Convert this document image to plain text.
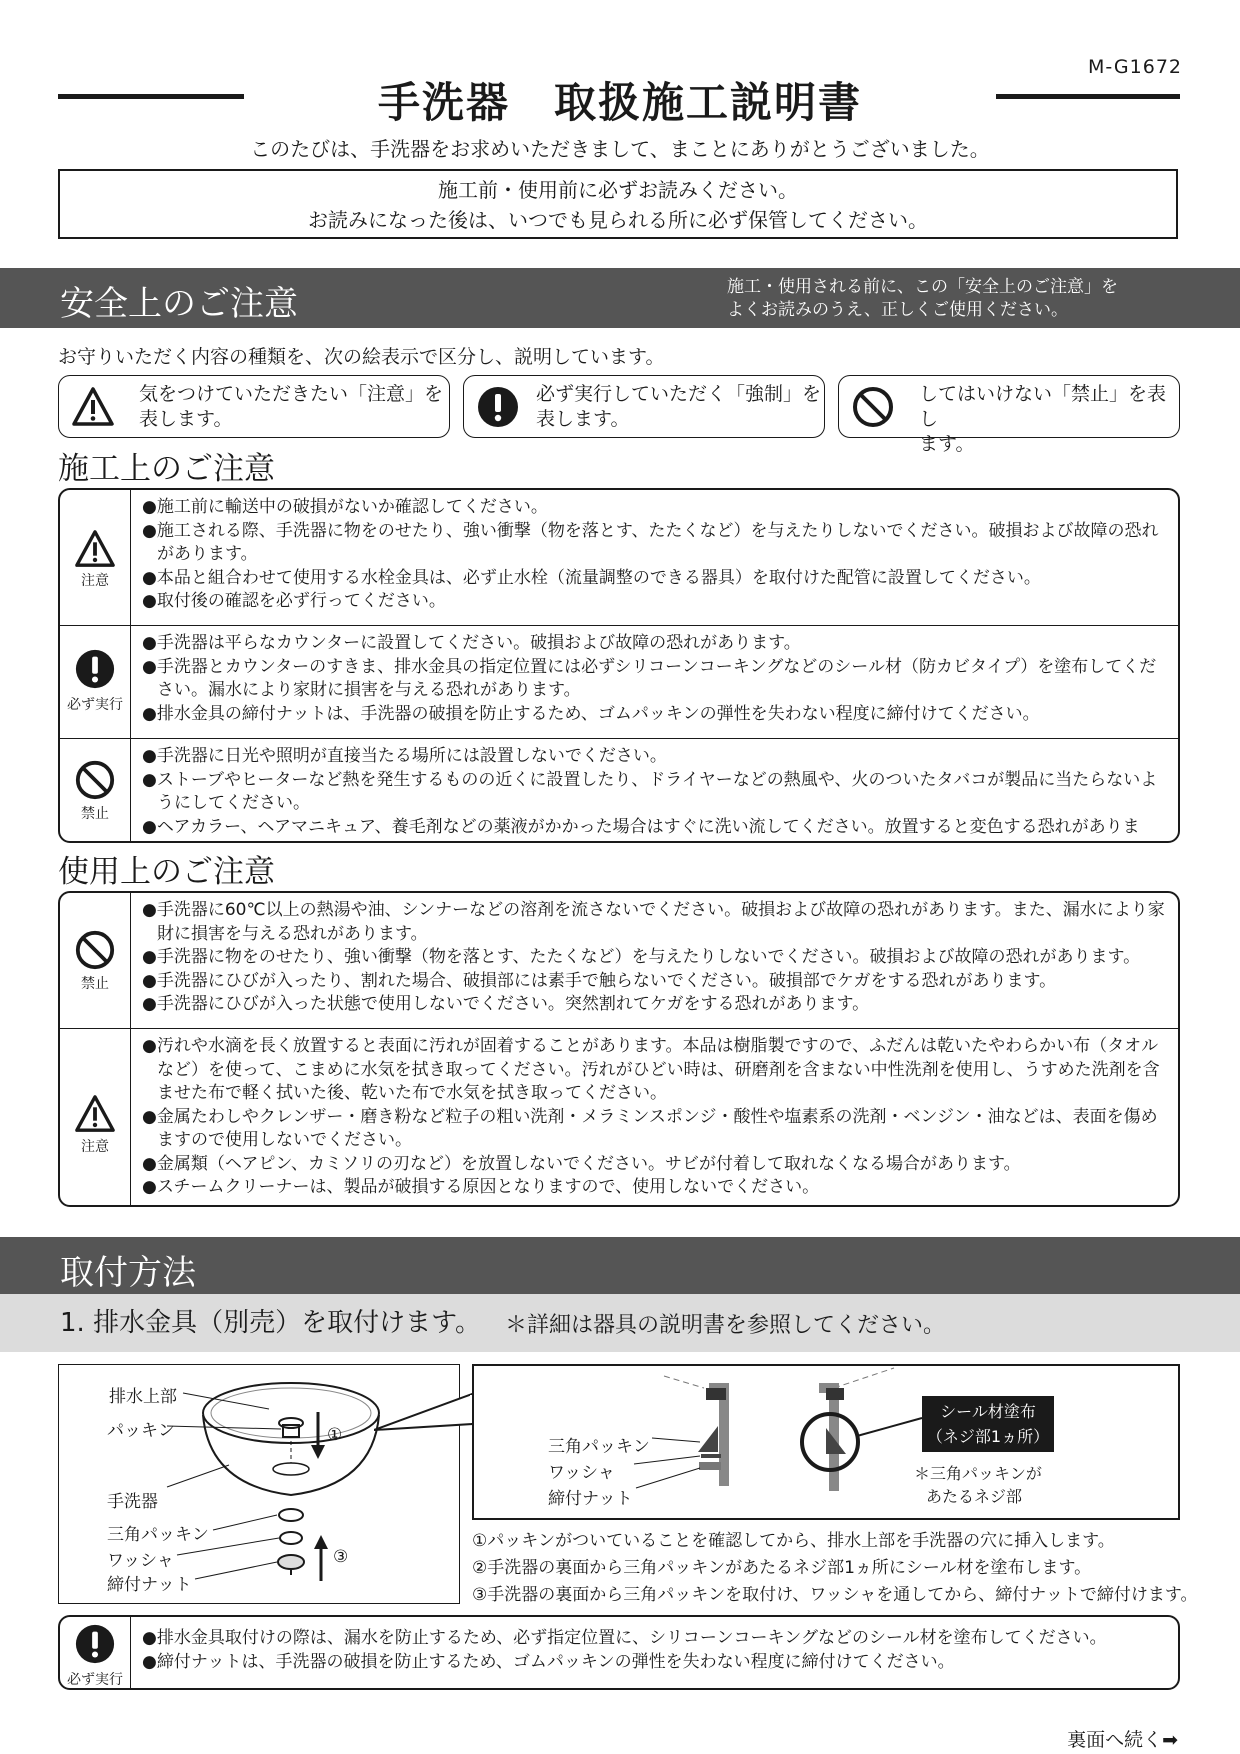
M-G1672
手洗器　取扱施工説明書
このたびは、手洗器をお求めいただきまして、まことにありがとうございました。
施工前・使用前に必ずお読みください。
お読みになった後は、いつでも見られる所に必ず保管してください。
安全上のご注意	施工・使用される前に、この「安全上のご注意」を
よくお読みのうえ、正しくご使用ください。
お守りいただく内容の種類を、次の絵表示で区分し、説明しています。
気をつけていただきたい「注意」を
表します。
必ず実行していただく「強制」を
表します。
してはいけない「禁止」を表し
ます。
施工上のご注意
注意
● 施工前に輸送中の破損がないか確認してください。
● 施工される際、手洗器に物をのせたり、強い衝撃（物を落とす、たたくなど）を与えたりしないでください。破損および故障の恐れがあります。
● 本品と組合わせて使用する水栓金具は、必ず止水栓（流量調整のできる器具）を取付けた配管に設置してください。
● 取付後の確認を必ず行ってください。
必ず実行
● 手洗器は平らなカウンターに設置してください。破損および故障の恐れがあります。
● 手洗器とカウンターのすきま、排水金具の指定位置には必ずシリコーンコーキングなどのシール材（防カビタイプ）を塗布してください。漏水により家財に損害を与える恐れがあります。
● 排水金具の締付ナットは、手洗器の破損を防止するため、ゴムパッキンの弾性を失わない程度に締付けてください。
禁止
● 手洗器に日光や照明が直接当たる場所には設置しないでください。
● ストーブやヒーターなど熱を発生するものの近くに設置したり、ドライヤーなどの熱風や、火のついたタバコが製品に当たらないようにしてください。
● ヘアカラー、ヘアマニキュア、養毛剤などの薬液がかかった場合はすぐに洗い流してください。放置すると変色する恐れがありま
使用上のご注意
禁止
● 手洗器に60℃以上の熱湯や油、シンナーなどの溶剤を流さないでください。破損および故障の恐れがあります。また、漏水により家財に損害を与える恐れがあります。
● 手洗器に物をのせたり、強い衝撃（物を落とす、たたくなど）を与えたりしないでください。破損および故障の恐れがあります。
● 手洗器にひびが入ったり、割れた場合、破損部には素手で触らないでください。破損部でケガをする恐れがあります。
● 手洗器にひびが入った状態で使用しないでください。突然割れてケガをする恐れがあります。
注意
● 汚れや水滴を長く放置すると表面に汚れが固着することがあります。本品は樹脂製ですので、ふだんは乾いたやわらかい布（タオルなど）を使って、こまめに水気を拭き取ってください。汚れがひどい時は、研磨剤を含まない中性洗剤を使用し、うすめた洗剤を含ませた布で軽く拭いた後、乾いた布で水気を拭き取ってください。
● 金属たわしやクレンザー・磨き粉など粒子の粗い洗剤・メラミンスポンジ・酸性や塩素系の洗剤・ベンジン・油などは、表面を傷めますので使用しないでください。
● 金属類（ヘアピン、カミソリの刃など）を放置しないでください。サビが付着して取れなくなる場合があります。
● スチームクリーナーは、製品が破損する原因となりますので、使用しないでください。
取付方法
1. 排水金具（別売）を取付けます。 ＊詳細は器具の説明書を参照してください。
排水上部
パッキン
手洗器
三角パッキン
ワッシャ
締付ナット
①
③
三角パッキン
ワッシャ
締付ナット
シール材塗布
（ネジ部1ヵ所）
＊三角パッキンが
あたるネジ部
①パッキンがついていることを確認してから、排水上部を手洗器の穴に挿入します。
②手洗器の裏面から三角パッキンがあたるネジ部1ヵ所にシール材を塗布します。
③手洗器の裏面から三角パッキンを取付け、ワッシャを通してから、締付ナットで締付けます。
必ず実行
● 排水金具取付けの際は、漏水を防止するため、必ず指定位置に、シリコーンコーキングなどのシール材を塗布してください。
● 締付ナットは、手洗器の破損を防止するため、ゴムパッキンの弾性を失わない程度に締付けてください。
裏面へ続く➡
